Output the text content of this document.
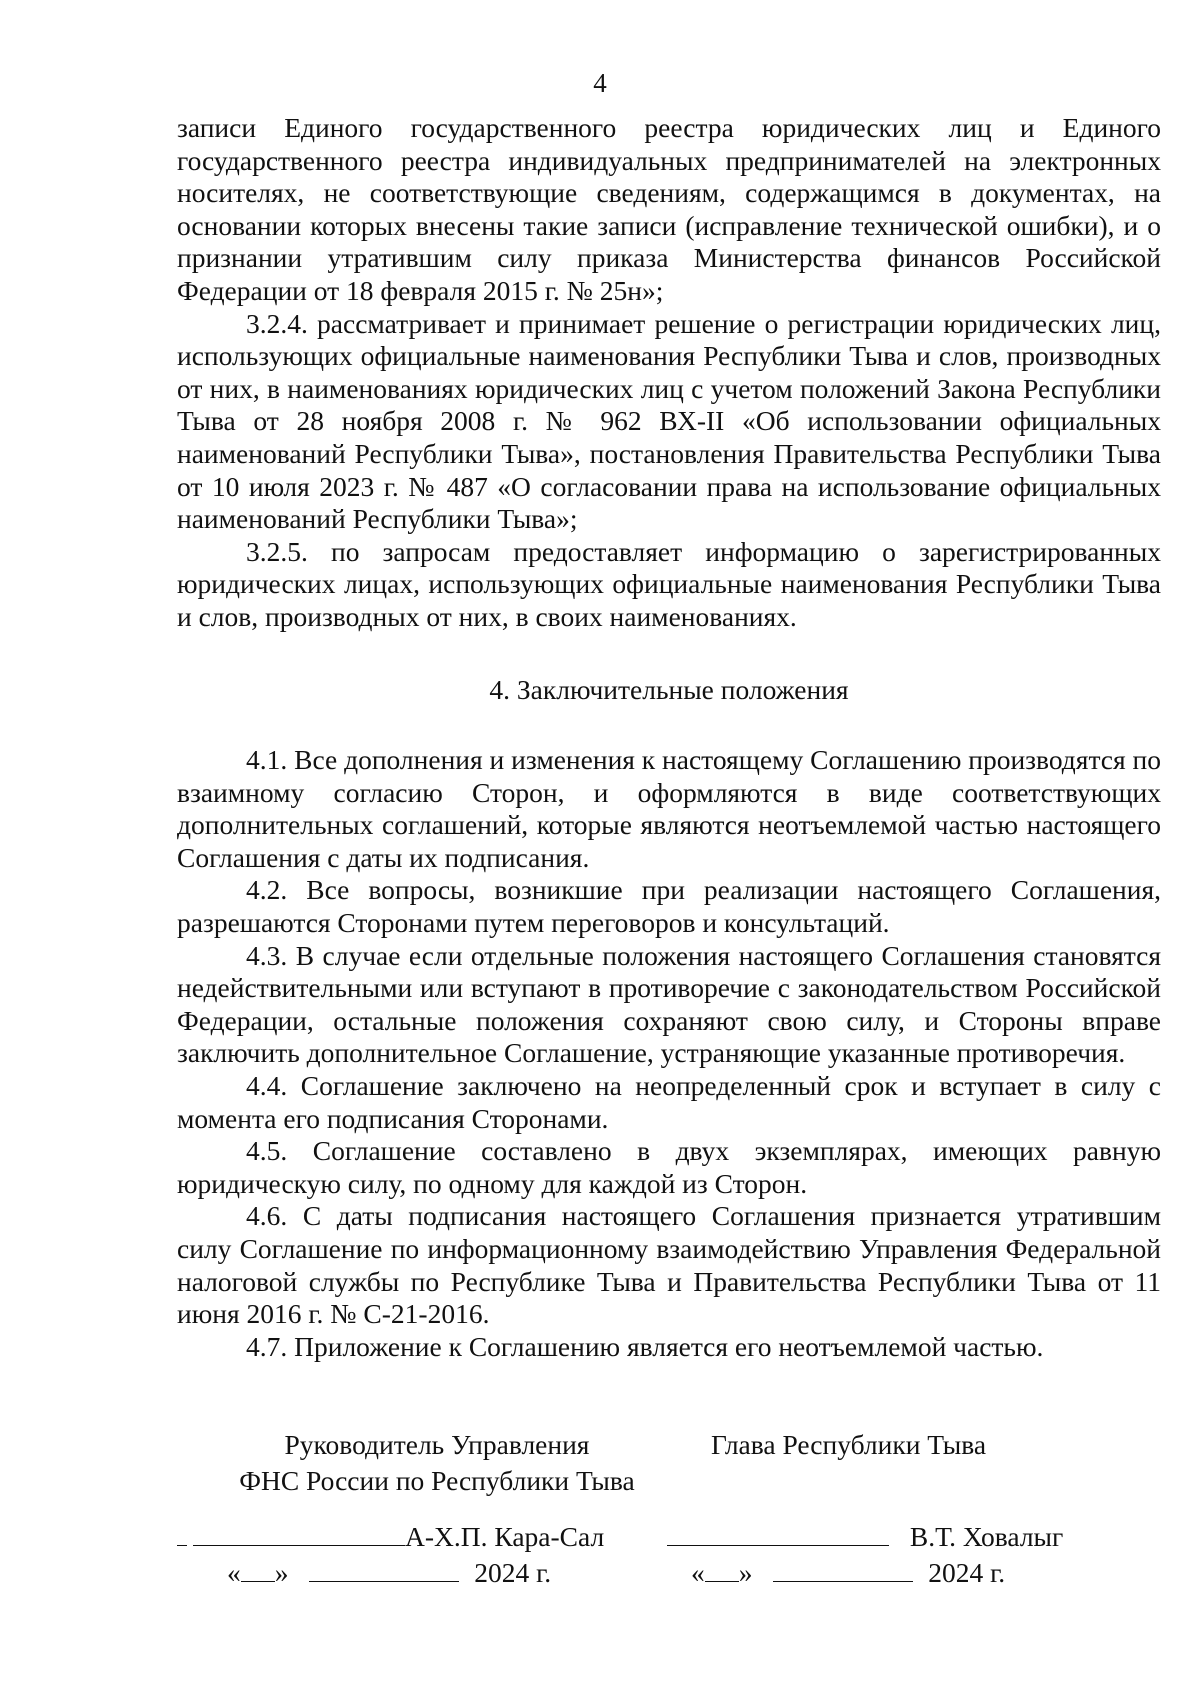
4

записи Единого государственного реестра юридических лиц и Единого государственного реестра индивидуальных предпринимателей на электронных носителях, не соответствующие сведениям, содержащимся в документах, на основании которых внесены такие записи (исправление технической ошибки), и о признании утратившим силу приказа Министерства финансов Российской Федерации от 18 февраля 2015 г. № 25н»;

3.2.4. рассматривает и принимает решение о регистрации юридических лиц, использующих официальные наименования Республики Тыва и слов, производных от них, в наименованиях юридических лиц с учетом положений Закона Республики Тыва от 28 ноября 2008 г. № 962 ВХ-II «Об использовании официальных наименований Республики Тыва», постановления Правительства Республики Тыва от 10 июля 2023 г. № 487 «О согласовании права на использование официальных наименований Республики Тыва»;

3.2.5. по запросам предоставляет информацию о зарегистрированных юридических лицах, использующих официальные наименования Республики Тыва и слов, производных от них, в своих наименованиях.

4. Заключительные положения

4.1. Все дополнения и изменения к настоящему Соглашению производятся по взаимному согласию Сторон, и оформляются в виде соответствующих дополнительных соглашений, которые являются неотъемлемой частью настоящего Соглашения с даты их подписания.

4.2. Все вопросы, возникшие при реализации настоящего Соглашения, разрешаются Сторонами путем переговоров и консультаций.

4.3. В случае если отдельные положения настоящего Соглашения становятся недействительными или вступают в противоречие с законодательством Российской Федерации, остальные положения сохраняют свою силу, и Стороны вправе заключить дополнительное Соглашение, устраняющие указанные противоречия.

4.4. Соглашение заключено на неопределенный срок и вступает в силу с момента его подписания Сторонами.

4.5. Соглашение составлено в двух экземплярах, имеющих равную юридическую силу, по одному для каждой из Сторон.

4.6. С даты подписания настоящего Соглашения признается утратившим силу Соглашение по информационному взаимодействию Управления Федеральной налоговой службы по Республике Тыва и Правительства Республики Тыва от 11 июня 2016 г. № С-21-2016.

4.7. Приложение к Соглашению является его неотъемлемой частью.

Руководитель Управления
ФНС России по Республики Тыва
А-Х.П. Кара-Сал
« »	2024 г.
Глава Республики Тыва
В.Т. Ховалыг
« »	2024 г.
